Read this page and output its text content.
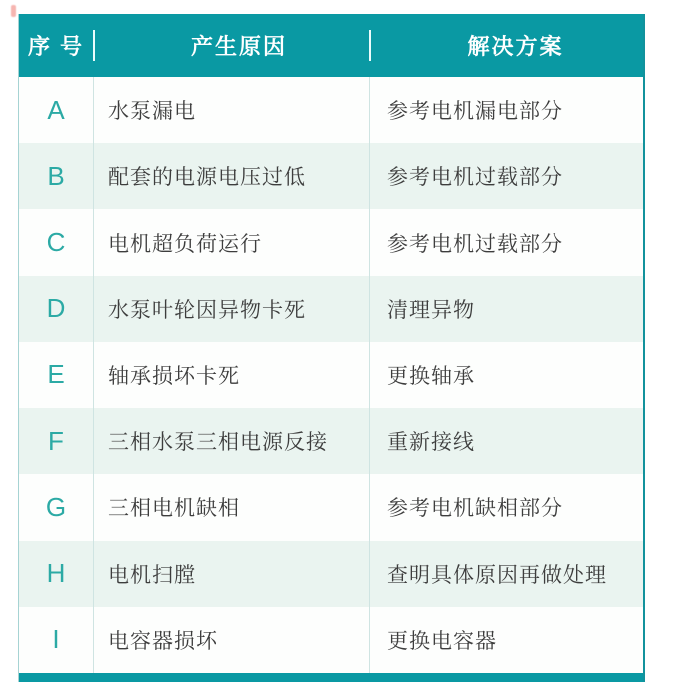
序 号	产生原因	解决方案
A	水泵漏电	参考电机漏电部分
B	配套的电源电压过低	参考电机过载部分
C	电机超负荷运行	参考电机过载部分
D	水泵叶轮因异物卡死	清理异物
E	轴承损坏卡死	更换轴承
F	三相水泵三相电源反接	重新接线
G	三相电机缺相	参考电机缺相部分
H	电机扫膛	查明具体原因再做处理
I	电容器损坏	更换电容器
